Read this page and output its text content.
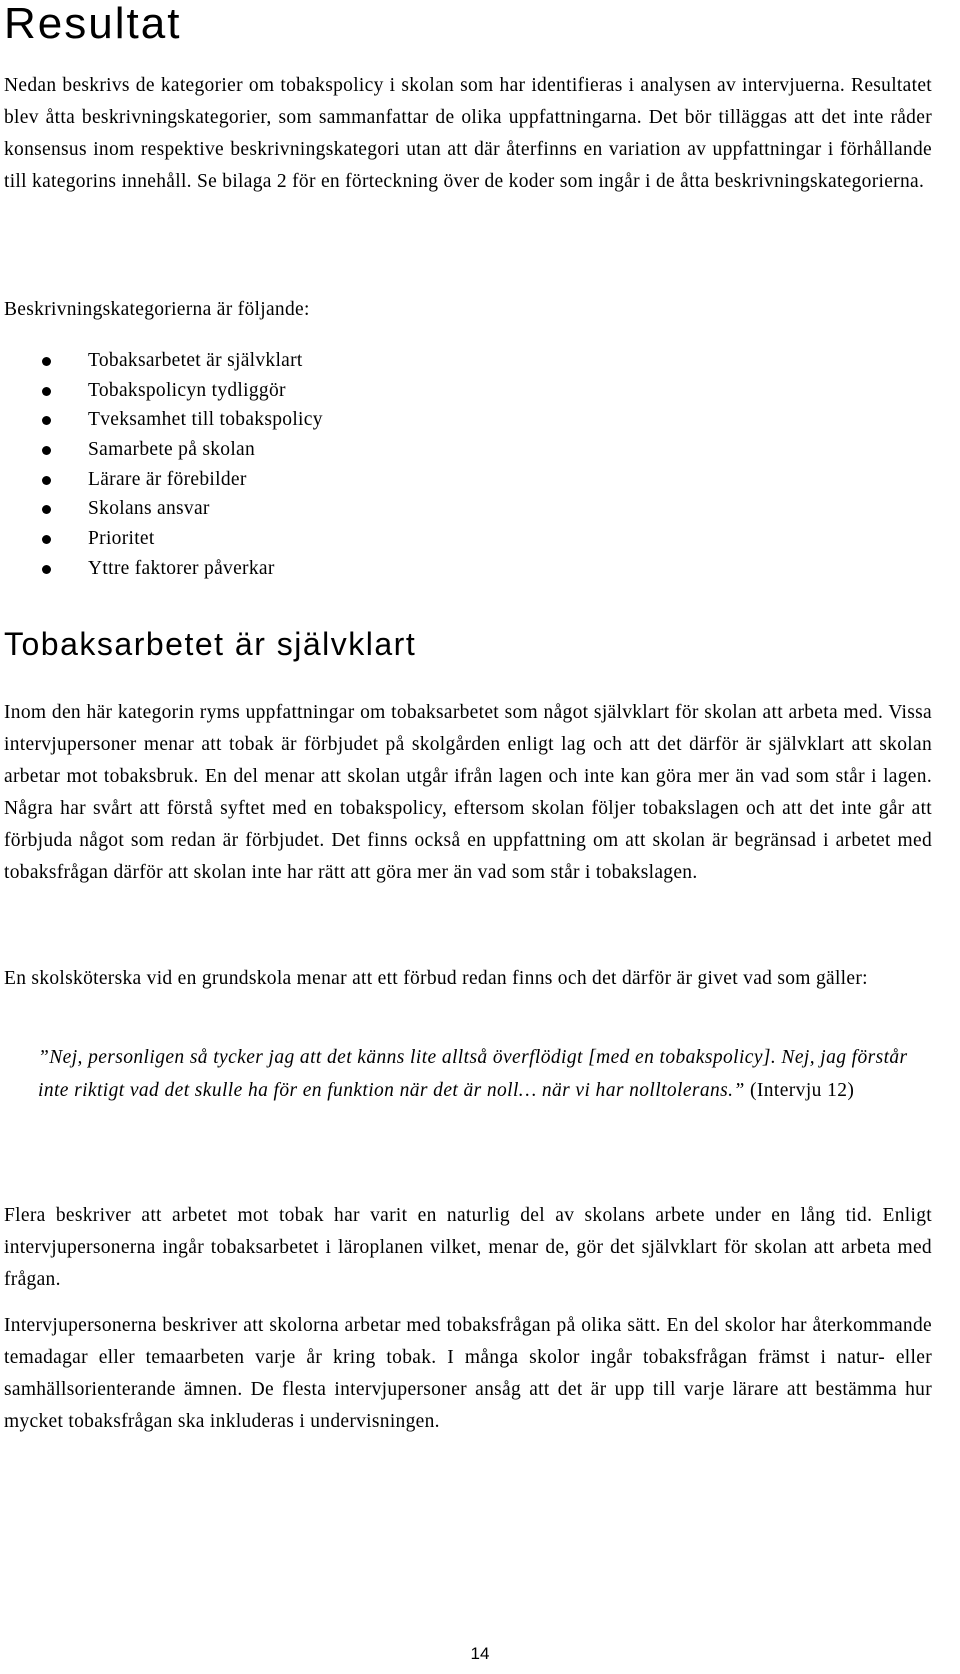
Resultat

Nedan beskrivs de kategorier om tobakspolicy i skolan som har identifieras i analysen av intervjuerna. Resultatet blev åtta beskrivningskategorier, som sammanfattar de olika uppfattningarna. Det bör tilläggas att det inte råder konsensus inom respektive beskrivningskategori utan att där återfinns en variation av uppfattningar i förhållande till kategorins innehåll. Se bilaga 2 för en förteckning över de koder som ingår i de åtta beskrivningskategorierna.

Beskrivningskategorierna är följande:

Tobaksarbetet är självklart
Tobakspolicyn tydliggör
Tveksamhet till tobakspolicy
Samarbete på skolan
Lärare är förebilder
Skolans ansvar
Prioritet
Yttre faktorer påverkar
Tobaksarbetet är självklart

Inom den här kategorin ryms uppfattningar om tobaksarbetet som något självklart för skolan att arbeta med. Vissa intervjupersoner menar att tobak är förbjudet på skolgården enligt lag och att det därför är självklart att skolan arbetar mot tobaksbruk. En del menar att skolan utgår ifrån lagen och inte kan göra mer än vad som står i lagen. Några har svårt att förstå syftet med en tobakspolicy, eftersom skolan följer tobakslagen och att det inte går att förbjuda något som redan är förbjudet. Det finns också en uppfattning om att skolan är begränsad i arbetet med tobaksfrågan därför att skolan inte har rätt att göra mer än vad som står i tobakslagen.

En skolsköterska vid en grundskola menar att ett förbud redan finns och det därför är givet vad som gäller:

”Nej, personligen så tycker jag att det känns lite alltså överflödigt [med en tobakspolicy]. Nej, jag förstår inte riktigt vad det skulle ha för en funktion när det är noll… när vi har nolltolerans.” (Intervju 12)

Flera beskriver att arbetet mot tobak har varit en naturlig del av skolans arbete under en lång tid. Enligt intervjupersonerna ingår tobaksarbetet i läroplanen vilket, menar de, gör det självklart för skolan att arbeta med frågan.

Intervjupersonerna beskriver att skolorna arbetar med tobaksfrågan på olika sätt. En del skolor har återkommande temadagar eller temaarbeten varje år kring tobak. I många skolor ingår tobaksfrågan främst i natur- eller samhällsorienterande ämnen. De flesta intervjupersoner ansåg att det är upp till varje lärare att bestämma hur mycket tobaksfrågan ska inkluderas i undervisningen.

14
